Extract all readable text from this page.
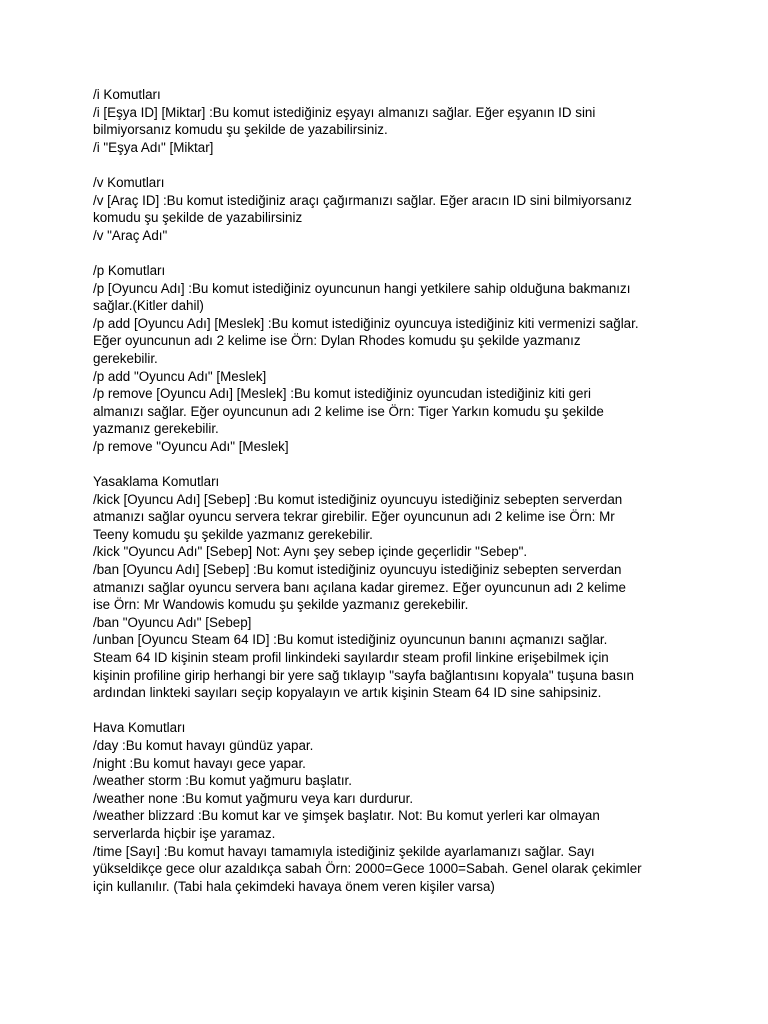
/i Komutları
/i [Eşya ID] [Miktar] :Bu komut istediğiniz eşyayı almanızı sağlar. Eğer eşyanın ID sini
bilmiyorsanız komudu şu şekilde de yazabilirsiniz.
/i "Eşya Adı" [Miktar]
/v Komutları
/v [Araç ID] :Bu komut istediğiniz araçı çağırmanızı sağlar. Eğer aracın ID sini bilmiyorsanız
komudu şu şekilde de yazabilirsiniz
/v "Araç Adı"
/p Komutları
/p [Oyuncu Adı] :Bu komut istediğiniz oyuncunun hangi yetkilere sahip olduğuna bakmanızı
sağlar.(Kitler dahil)
/p add [Oyuncu Adı] [Meslek] :Bu komut istediğiniz oyuncuya istediğiniz kiti vermenizi sağlar.
Eğer oyuncunun adı 2 kelime ise Örn: Dylan Rhodes komudu şu şekilde yazmanız
gerekebilir.
/p add "Oyuncu Adı" [Meslek]
/p remove [Oyuncu Adı] [Meslek] :Bu komut istediğiniz oyuncudan istediğiniz kiti geri
almanızı sağlar. Eğer oyuncunun adı 2 kelime ise Örn: Tiger Yarkın komudu şu şekilde
yazmanız gerekebilir.
/p remove "Oyuncu Adı" [Meslek]
Yasaklama Komutları
/kick [Oyuncu Adı] [Sebep] :Bu komut istediğiniz oyuncuyu istediğiniz sebepten serverdan
atmanızı sağlar oyuncu servera tekrar girebilir. Eğer oyuncunun adı 2 kelime ise Örn: Mr
Teeny komudu şu şekilde yazmanız gerekebilir.
/kick "Oyuncu Adı" [Sebep] Not: Aynı şey sebep içinde geçerlidir "Sebep".
/ban [Oyuncu Adı] [Sebep] :Bu komut istediğiniz oyuncuyu istediğiniz sebepten serverdan
atmanızı sağlar oyuncu servera banı açılana kadar giremez. Eğer oyuncunun adı 2 kelime
ise Örn: Mr Wandowis komudu şu şekilde yazmanız gerekebilir.
/ban "Oyuncu Adı" [Sebep]
/unban [Oyuncu Steam 64 ID] :Bu komut istediğiniz oyuncunun banını açmanızı sağlar.
Steam 64 ID kişinin steam profil linkindeki sayılardır steam profil linkine erişebilmek için
kişinin profiline girip herhangi bir yere sağ tıklayıp "sayfa bağlantısını kopyala" tuşuna basın
ardından linkteki sayıları seçip kopyalayın ve artık kişinin Steam 64 ID sine sahipsiniz.
Hava Komutları
/day :Bu komut havayı gündüz yapar.
/night :Bu komut havayı gece yapar.
/weather storm :Bu komut yağmuru başlatır.
/weather none :Bu komut yağmuru veya karı durdurur.
/weather blizzard :Bu komut kar ve şimşek başlatır. Not: Bu komut yerleri kar olmayan
serverlarda hiçbir işe yaramaz.
/time [Sayı] :Bu komut havayı tamamıyla istediğiniz şekilde ayarlamanızı sağlar. Sayı
yükseldikçe gece olur azaldıkça sabah Örn: 2000=Gece 1000=Sabah. Genel olarak çekimler
için kullanılır. (Tabi hala çekimdeki havaya önem veren kişiler varsa)
